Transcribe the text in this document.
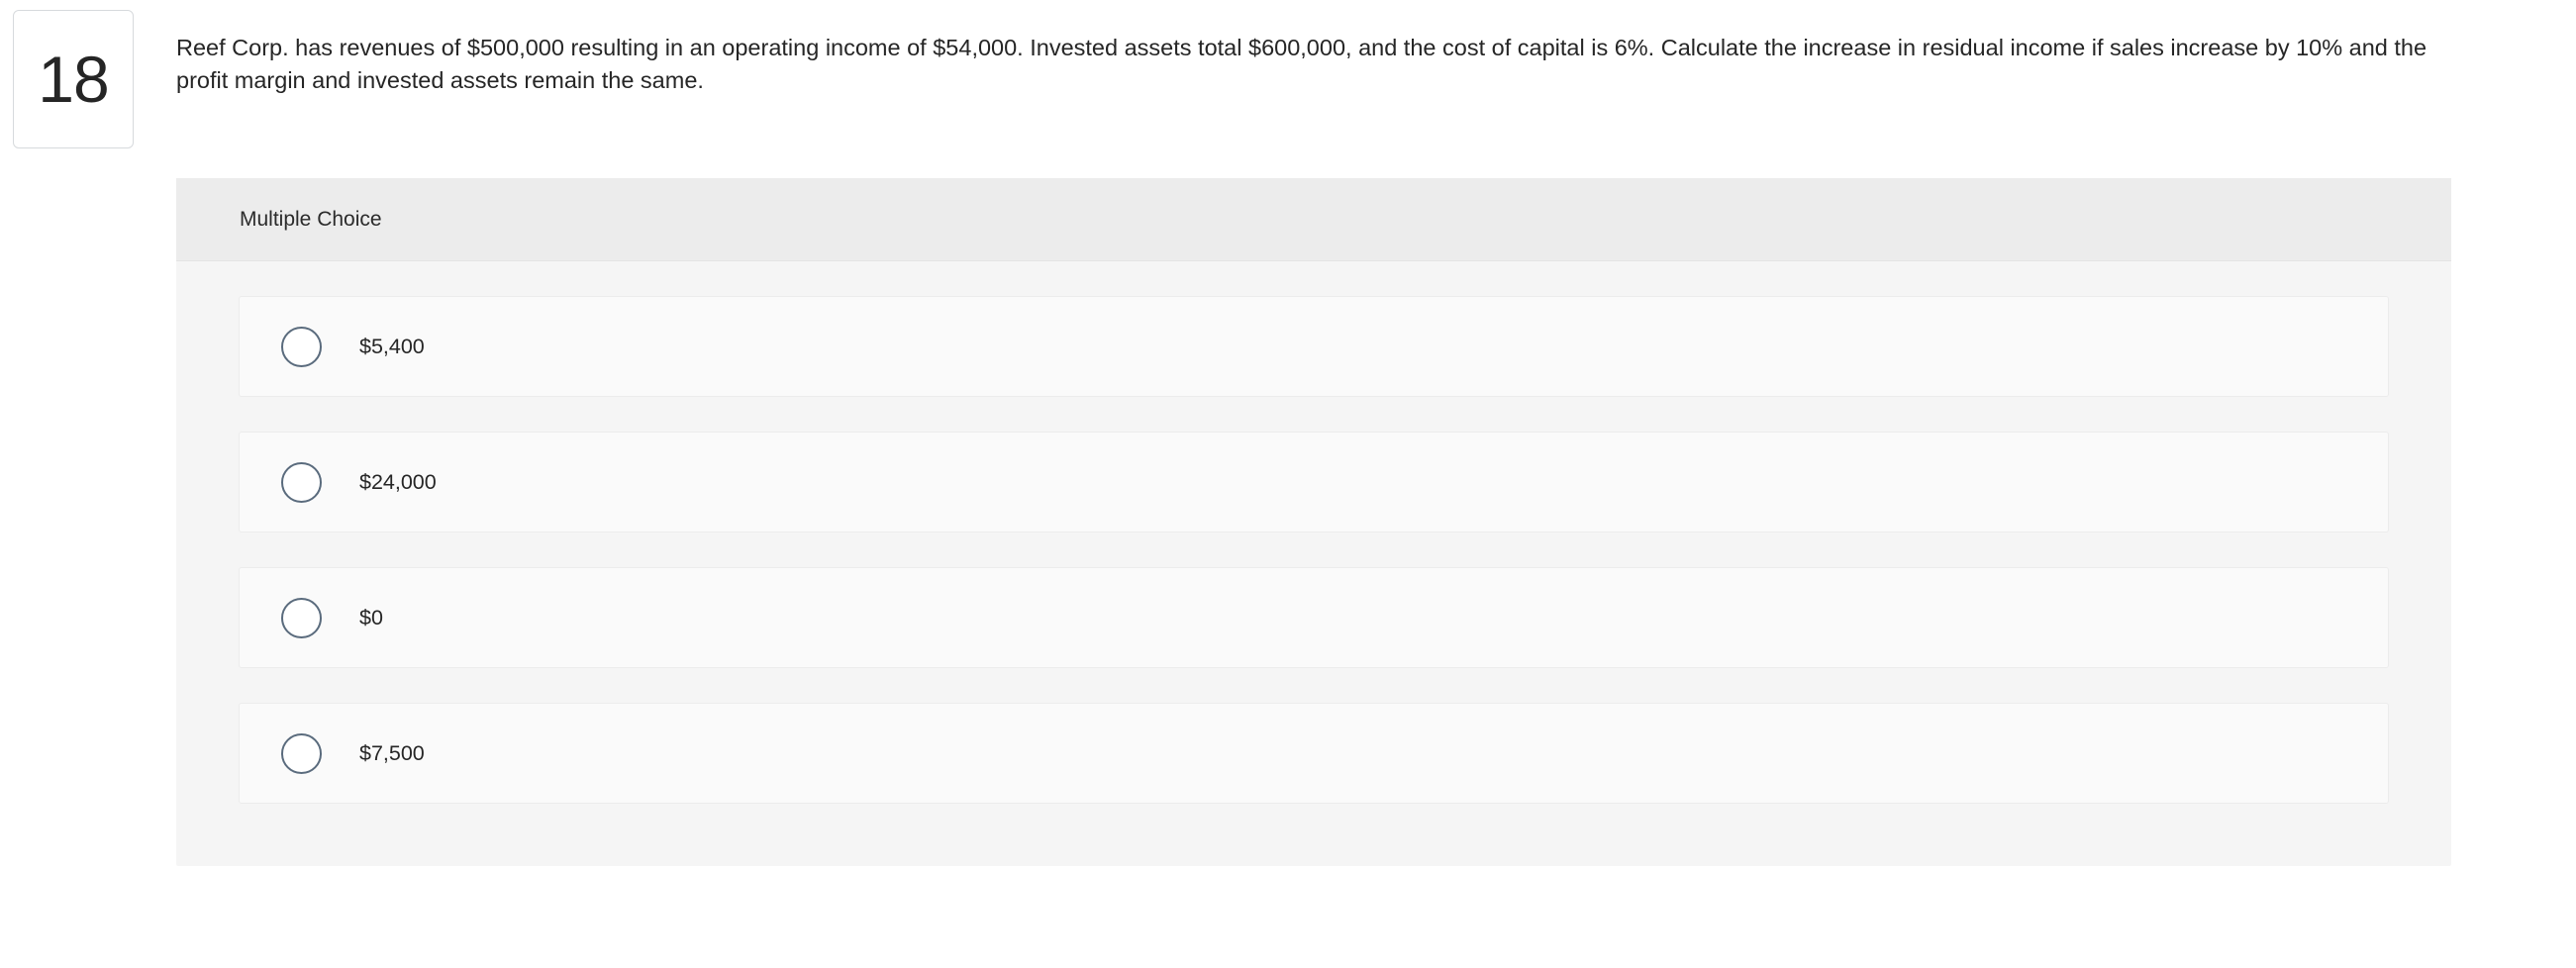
18	Reef Corp. has revenues of $500,000 resulting in an operating income of $54,000. Invested assets total $600,000, and the cost of capital is 6%. Calculate the increase in residual income if sales increase by 10% and the profit margin and invested assets remain the same.
Multiple Choice
$5,400
$24,000
$0
$7,500
